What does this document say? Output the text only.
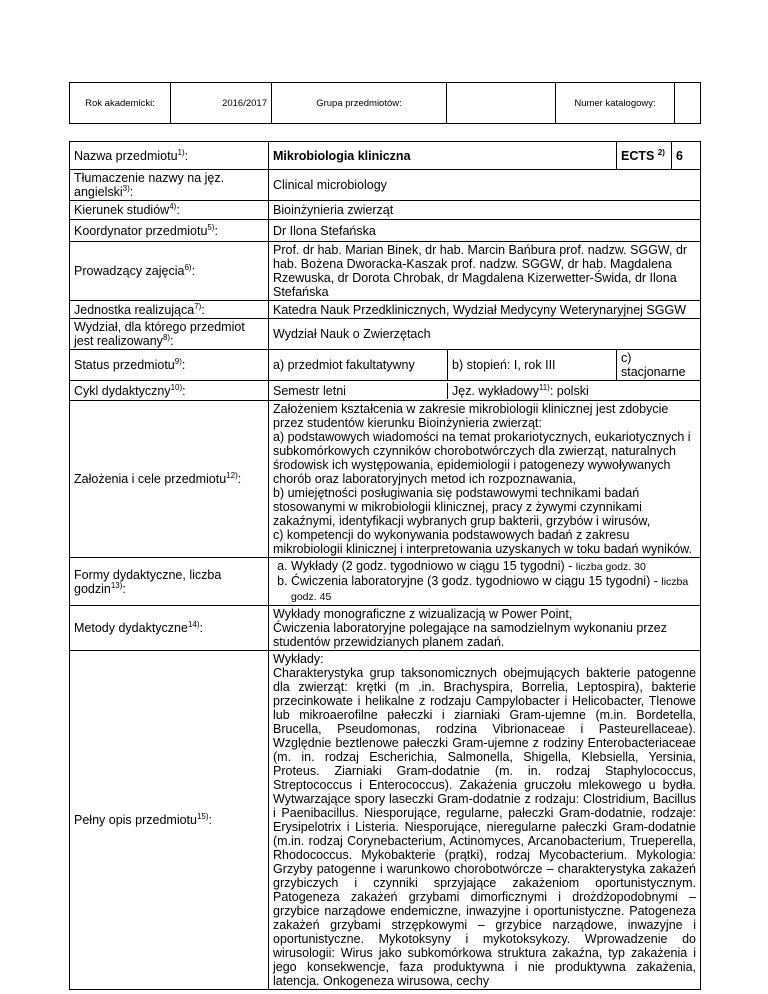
Rok akademicki:	2016/2017	Grupa przedmiotów:		Numer katalogowy:	
Nazwa przedmiotu$^{1)}$:	Mikrobiologia kliniczna	ECTS $^{2)}$	6
Tłumaczenie nazwy na jęz. angielski$^{3)}$:	Clinical microbiology
Kierunek studiów$^{4)}$:	Bioinżynieria zwierząt
Koordynator przedmiotu$^{5)}$:	Dr Ilona Stefańska
Prowadzący zajęcia$^{6)}$:	Prof. dr hab. Marian Binek, dr hab. Marcin Bańbura prof. nadzw. SGGW, dr hab. Bożena Dworacka-Kaszak prof. nadzw. SGGW, dr hab. Magdalena Rzewuska, dr Dorota Chrobak, dr Magdalena Kizerwetter-Świda, dr Ilona Stefańska
Jednostka realizująca$^{7)}$:	Katedra Nauk Przedklinicznych, Wydział Medycyny Weterynaryjnej SGGW
Wydział, dla którego przedmiot jest realizowany$^{8)}$:	Wydział Nauk o Zwierzętach
Status przedmiotu$^{9)}$:		a) przedmiot fakultatywny	b) stopień: I, rok III	c) stacjonarne

Cykl dydaktyczny$^{10)}$:		Semestr letni	Jęz. wykładowy$^{11)}$: polski

Założenia i cele przedmiotu$^{12)}$:	Założeniem kształcenia w zakresie mikrobiologii klinicznej jest zdobycie przez studentów kierunku Bioinżynieria zwierząt:
a) podstawowych wiadomości na temat prokariotycznych, eukariotycznych i subkomórkowych czynników chorobotwórczych dla zwierząt, naturalnych środowisk ich występowania, epidemiologii i patogenezy wywoływanych chorób oraz laboratoryjnych metod ich rozpoznawania,
b) umiejętności posługiwania się podstawowymi technikami badań stosowanymi w mikrobiologii klinicznej, pracy z żywymi czynnikami zakaźnymi, identyfikacji wybranych grup bakterii, grzybów i wirusów,
c) kompetencji do wykonywania podstawowych badań z zakresu mikrobiologii klinicznej i interpretowania uzyskanych w toku badań wyników.
Formy dydaktyczne, liczba godzin$^{13)}$:	
a. Wykłady (2 godz. tygodniowo w ciągu 15 tygodni) - liczba godz. 30
b. Ćwiczenia laboratoryjne (3 godz. tygodniowo w ciągu 15 tygodni) - liczba godz. 45

Metody dydaktyczne$^{14)}$:	Wykłady monograficzne z wizualizacją w Power Point,
Ćwiczenia laboratoryjne polegające na samodzielnym wykonaniu przez studentów przewidzianych planem zadań.
Pełny opis przedmiotu$^{15)}$:	
Wykłady:
Charakterystyka grup taksonomicznych obejmujących bakterie patogenne dla zwierząt: krętki (m .in. Brachyspira, Borrelia, Leptospira), bakterie przecinkowate i helikalne z rodzaju Campylobacter i Helicobacter, Tlenowe lub mikroaerofilne pałeczki i ziarniaki Gram-ujemne (m.in. Bordetella, Brucella, Pseudomonas, rodzina Vibrionaceae i Pasteurellaceae). Względnie beztlenowe pałeczki Gram-ujemne z rodziny Enterobacteriaceae (m. in. rodzaj Escherichia, Salmonella, Shigella, Klebsiella, Yersinia, Proteus. Ziarniaki Gram-dodatnie (m. in. rodzaj Staphylococcus, Streptococcus i Enterococcus). Zakażenia gruczołu mlekowego u bydła. Wytwarzające spory laseczki Gram-dodatnie z rodzaju: Clostridium, Bacillus i Paenibacillus. Niesporujące, regularne, pałeczki Gram-dodatnie, rodzaje: Erysipelotrix i Listeria. Niesporujące, nieregularne pałeczki Gram-dodatnie (m.in. rodzaj Corynebacterium, Actinomyces, Arcanobacterium, Trueperella, Rhodococcus. Mykobakterie (prątki), rodzaj Mycobacterium. Mykologia: Grzyby patogenne i warunkowo chorobotwórcze – charakterystyka zakażeń grzybiczych i czynniki sprzyjające zakażeniom oportunistycznym. Patogeneza zakażeń grzybami dimorficznymi i drożdżopodobnymi – grzybice narządowe endemiczne, inwazyjne i oportunistyczne. Patogeneza zakażeń grzybami strzępkowymi – grzybice narządowe, inwazyjne i oportunistyczne. Mykotoksyny i mykotoksykozy. Wprowadzenie do wirusologii: Wirus jako subkomórkowa struktura zakaźna, typ zakażenia i jego konsekwencje, faza produktywna i nie produktywna zakażenia, latencja. Onkogeneza wirusowa, cechy
